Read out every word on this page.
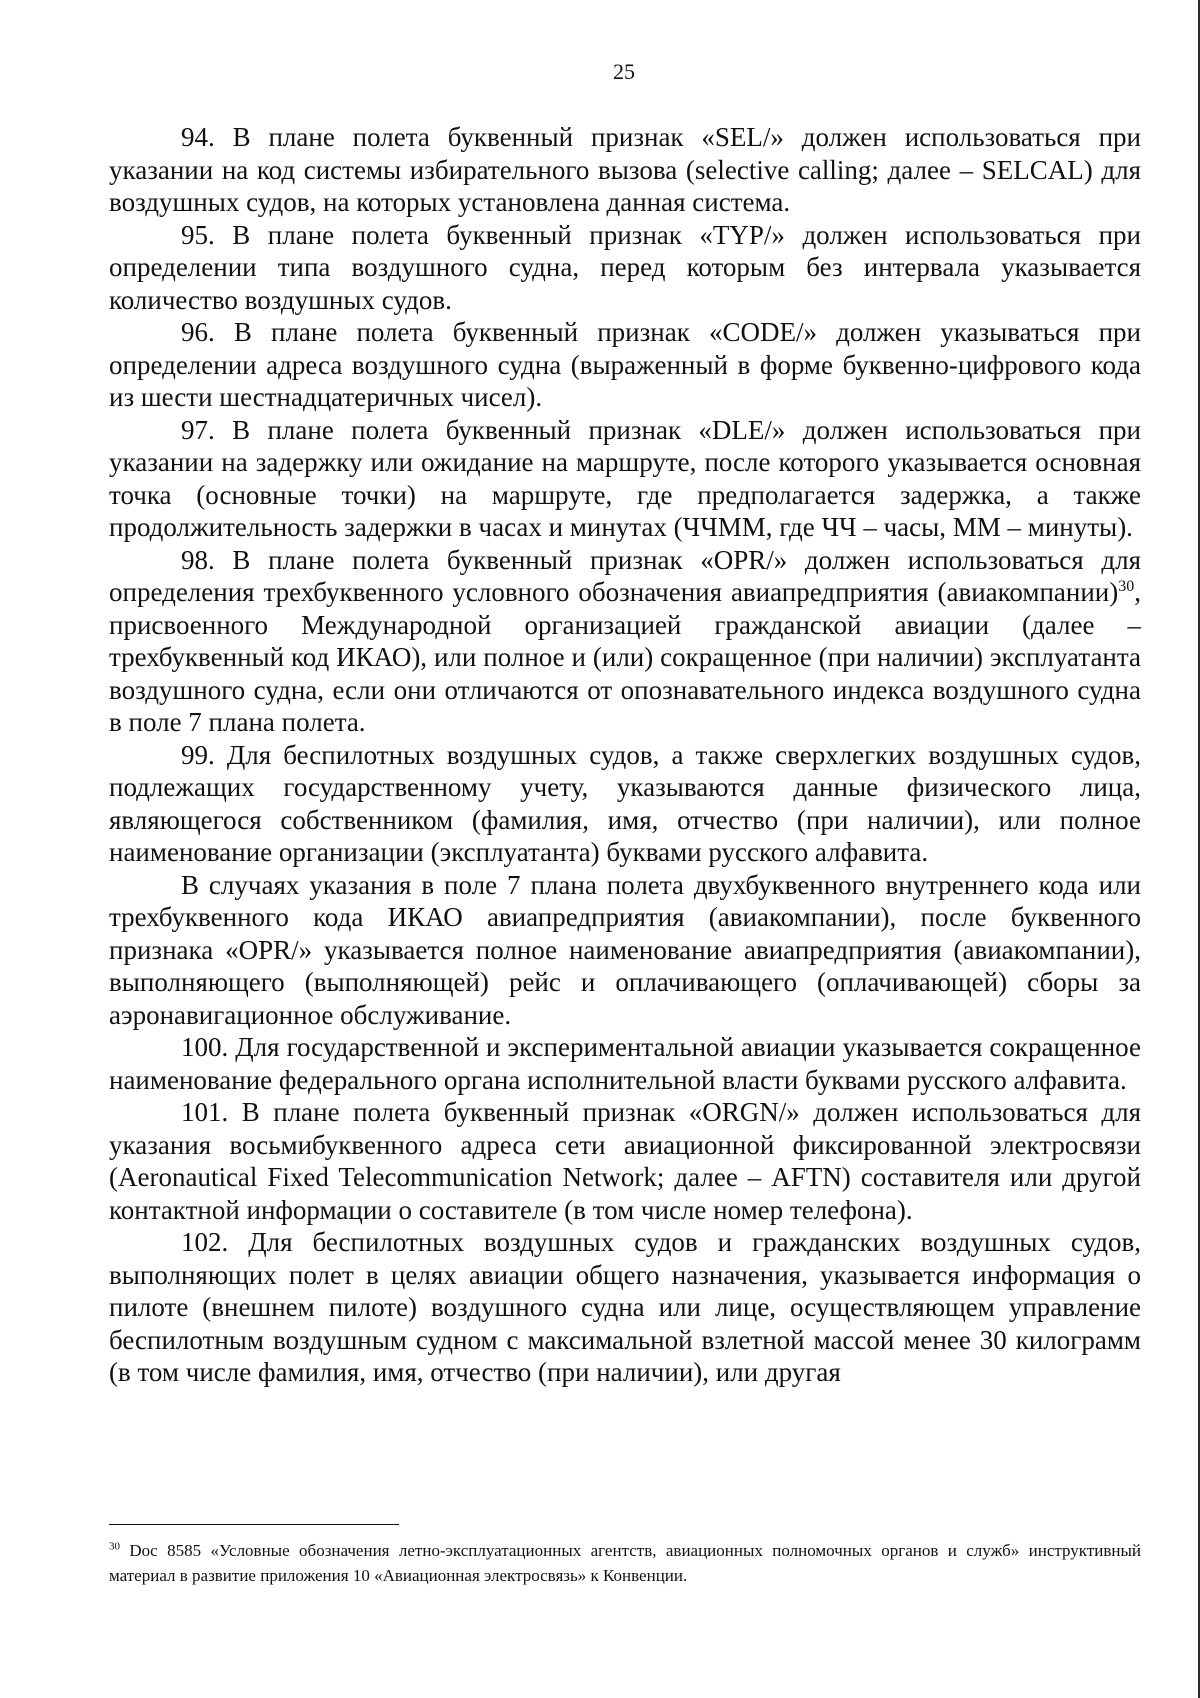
25

94. В плане полета буквенный признак «SEL/» должен использоваться при указании на код системы избирательного вызова (selective calling; далее – SELCAL) для воздушных судов, на которых установлена данная система.

95. В плане полета буквенный признак «TYP/» должен использоваться при определении типа воздушного судна, перед которым без интервала указывается количество воздушных судов.

96. В плане полета буквенный признак «CODE/» должен указываться при определении адреса воздушного судна (выраженный в форме буквенно-цифрового кода из шести шестнадцатеричных чисел).

97. В плане полета буквенный признак «DLE/» должен использоваться при указании на задержку или ожидание на маршруте, после которого указывается основная точка (основные точки) на маршруте, где предполагается задержка, а также продолжительность задержки в часах и минутах (ЧЧММ, где ЧЧ – часы, ММ – минуты).

98. В плане полета буквенный признак «OPR/» должен использоваться для определения трехбуквенного условного обозначения авиапредприятия (авиакомпании)$^{30}$, присвоенного Международной организацией гражданской авиации (далее – трехбуквенный код ИКАО), или полное и (или) сокращенное (при наличии) эксплуатанта воздушного судна, если они отличаются от опознавательного индекса воздушного судна в поле 7 плана полета.

99. Для беспилотных воздушных судов, а также сверхлегких воздушных судов, подлежащих государственному учету, указываются данные физического лица, являющегося собственником (фамилия, имя, отчество (при наличии), или полное наименование организации (эксплуатанта) буквами русского алфавита.

В случаях указания в поле 7 плана полета двухбуквенного внутреннего кода или трехбуквенного кода ИКАО авиапредприятия (авиакомпании), после буквенного признака «OPR/» указывается полное наименование авиапредприятия (авиакомпании), выполняющего (выполняющей) рейс и оплачивающего (оплачивающей) сборы за аэронавигационное обслуживание.

100. Для государственной и экспериментальной авиации указывается сокращенное наименование федерального органа исполнительной власти буквами русского алфавита.

101. В плане полета буквенный признак «ORGN/» должен использоваться для указания восьмибуквенного адреса сети авиационной фиксированной электросвязи (Aeronautical Fixed Telecommunication Network; далее – AFTN) составителя или другой контактной информации о составителе (в том числе номер телефона).

102. Для беспилотных воздушных судов и гражданских воздушных судов, выполняющих полет в целях авиации общего назначения, указывается информация о пилоте (внешнем пилоте) воздушного судна или лице, осуществляющем управление беспилотным воздушным судном с максимальной взлетной массой менее 30 килограмм (в том числе фамилия, имя, отчество (при наличии), или другая

$^{30}$ Doc 8585 «Условные обозначения летно-эксплуатационных агентств, авиационных полномочных органов и служб» инструктивный материал в развитие приложения 10 «Авиационная электросвязь» к Конвенции.
